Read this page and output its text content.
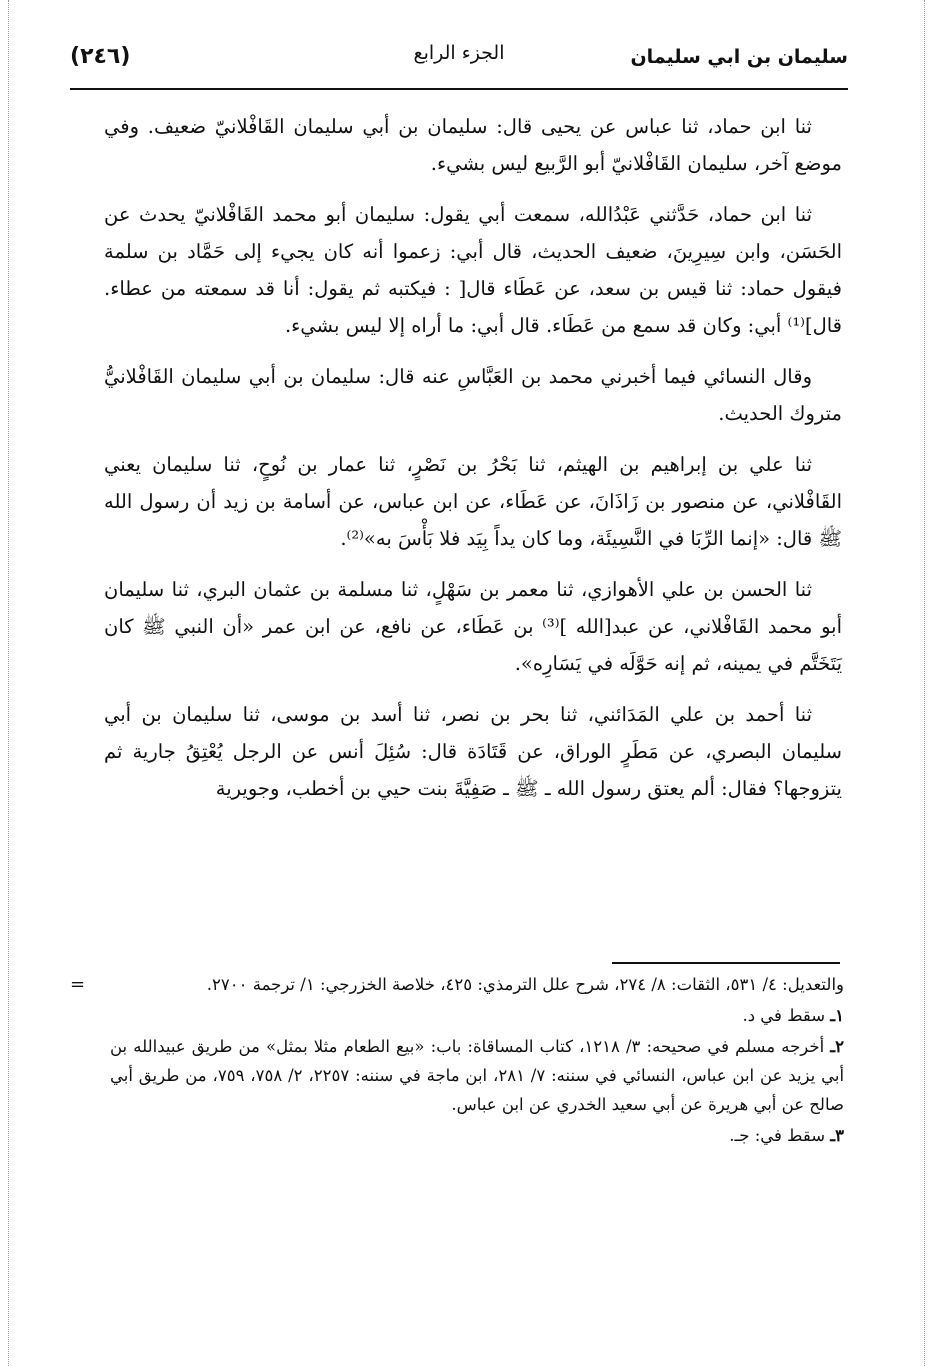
سليمان بن ابي سليمان
الجزء الرابع
(٢٤٦)

ثنا ابن حماد، ثنا عباس عن يحيى قال: سليمان بن أبي سليمان القَافْلانيّ ضعيف. وفي موضع آخر، سليمان القَافْلانيّ أبو الرَّبيع ليس بشيء.

ثنا ابن حماد، حَدَّثني عَبْدُالله، سمعت أبي يقول: سليمان أبو محمد القَافْلانيّ يحدث عن الحَسَن، وابن سِيرِينَ، ضعيف الحديث، قال أبي: زعموا أنه كان يجيء إلى حَمَّاد بن سلمة فيقول حماد: ثنا قيس بن سعد، عن عَطَاء قال[ : فيكتبه ثم يقول: أنا قد سمعته من عطاء. قال]⁽¹⁾ أبي: وكان قد سمع من عَطَاء. قال أبي: ما أراه إلا ليس بشيء.

وقال النسائي فيما أخبرني محمد بن العَبَّاسِ عنه قال: سليمان بن أبي سليمان القَافْلانيُّ متروك الحديث.

ثنا علي بن إبراهيم بن الهيثم، ثنا بَحْرُ بن نَصْرٍ، ثنا عمار بن نُوحٍ، ثنا سليمان يعني القَافْلاني، عن منصور بن زَاذَانَ، عن عَطَاء، عن ابن عباس، عن أسامة بن زيد أن رسول الله ﷺ قال: «إنما الرِّبَا في النَّسِيئَة، وما كان يداً بِيَد فلا بَأْسَ به»⁽²⁾.

ثنا الحسن بن علي الأهوازي، ثنا معمر بن سَهْلٍ، ثنا مسلمة بن عثمان البري، ثنا سليمان أبو محمد القَافْلاني، عن عبد[الله ]⁽³⁾ بن عَطَاء، عن نافع، عن ابن عمر «أن النبي ﷺ كان يَتَخَتَّم في يمينه، ثم إنه حَوَّلَه في يَسَارِه».

ثنا أحمد بن علي المَدَائني، ثنا بحر بن نصر، ثنا أسد بن موسى، ثنا سليمان بن أبي سليمان البصري، عن مَطَرٍ الوراق، عن قَتَادَة قال: سُئِلَ أنس عن الرجل يُعْتِقُ جارية ثم يتزوجها؟ فقال: ألم يعتق رسول الله ـ ﷺ ـ صَفِيَّةَ بنت حيي بن أخطب، وجويرية

=	والتعديل: ٤/ ٥٣١، الثقات: ٨/ ٢٧٤، شرح علل الترمذي: ٤٢٥، خلاصة الخزرجي: ١/ ترجمة ٢٧٠٠.
١ـ سقط في د.
٢ـ أخرجه مسلم في صحيحه: ٣/ ١٢١٨، كتاب المساقاة: باب: «بيع الطعام مثلا بمثل» من طريق عبيدالله بن أبي يزيد عن ابن عباس، النسائي في سننه: ٧/ ٢٨١، ابن ماجة في سننه: ٢٢٥٧، ٢/ ٧٥٨، ٧٥٩، من طريق أبي صالح عن أبي هريرة عن أبي سعيد الخدري عن ابن عباس.
٣ـ سقط في: جـ.
